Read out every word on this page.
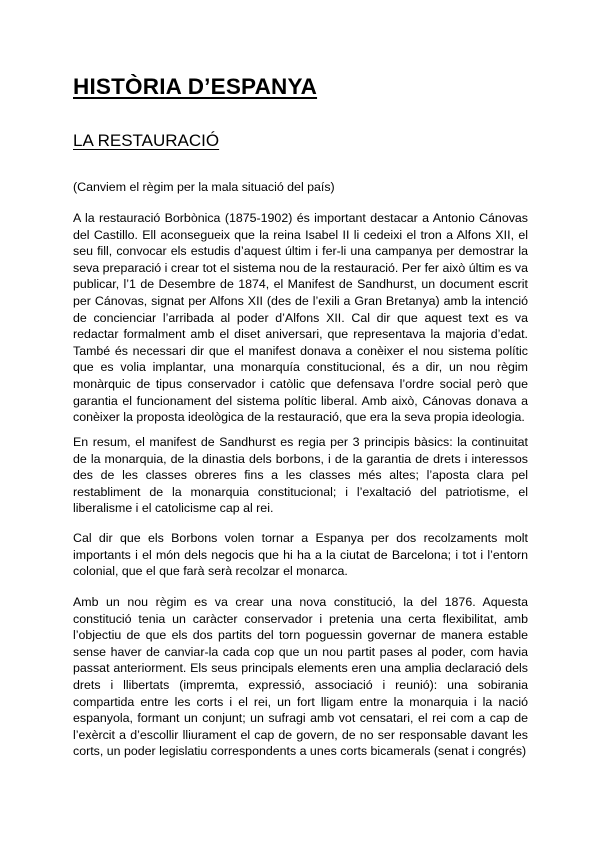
HISTÒRIA D’ESPANYA
LA RESTAURACIÓ

(Canviem el règim per la mala situació del país)

A la restauració Borbònica (1875-1902) és important destacar a Antonio Cánovas del Castillo. Ell aconsegueix que la reina Isabel II li cedeixi el tron a Alfons XII, el seu fill, convocar els estudis d’aquest últim i fer-li una campanya per demostrar la seva preparació i crear tot el sistema nou de la restauració. Per fer això últim es va publicar, l’1 de Desembre de 1874, el Manifest de Sandhurst, un document escrit per Cánovas, signat per Alfons XII (des de l’exili a Gran Bretanya) amb la intenció de concienciar l’arribada al poder d’Alfons XII. Cal dir que aquest text es va redactar formalment amb el diset aniversari, que representava la majoria d’edat. També és necessari dir que el manifest donava a conèixer el nou sistema polític que es volia implantar, una monarquía constitucional, és a dir, un nou règim monàrquic de tipus conservador i catòlic que defensava l’ordre social però que garantia el funcionament del sistema polític liberal. Amb això, Cánovas donava a conèixer la proposta ideològica de la restauració, que era la seva propia ideologia.

En resum, el manifest de Sandhurst es regia per 3 principis bàsics: la continuitat de la monarquia, de la dinastia dels borbons, i de la garantia de drets i interessos des de les classes obreres fins a les classes més altes; l’aposta clara pel restabliment de la monarquia constitucional; i l’exaltació del patriotisme, el liberalisme i el catolicisme cap al rei.

Cal dir que els Borbons volen tornar a Espanya per dos recolzaments molt importants i el món dels negocis que hi ha a la ciutat de Barcelona; i tot i l’entorn colonial, que el que farà serà recolzar el monarca.

Amb un nou règim es va crear una nova constitució, la del 1876. Aquesta constitució tenia un caràcter conservador i pretenia una certa flexibilitat, amb l’objectiu de que els dos partits del torn poguessin governar de manera estable sense haver de canviar-la cada cop que un nou partit pases al poder, com havia passat anteriorment. Els seus principals elements eren una amplia declaració dels drets i llibertats (impremta, expressió, associació i reunió): una sobirania compartida entre les corts i el rei, un fort lligam entre la monarquia i la nació espanyola, formant un conjunt; un sufragi amb vot censatari, el rei com a cap de l’exèrcit a d’escollir lliurament el cap de govern, de no ser responsable davant les corts, un poder legislatiu correspondents a unes corts bicamerals (senat i congrés)
